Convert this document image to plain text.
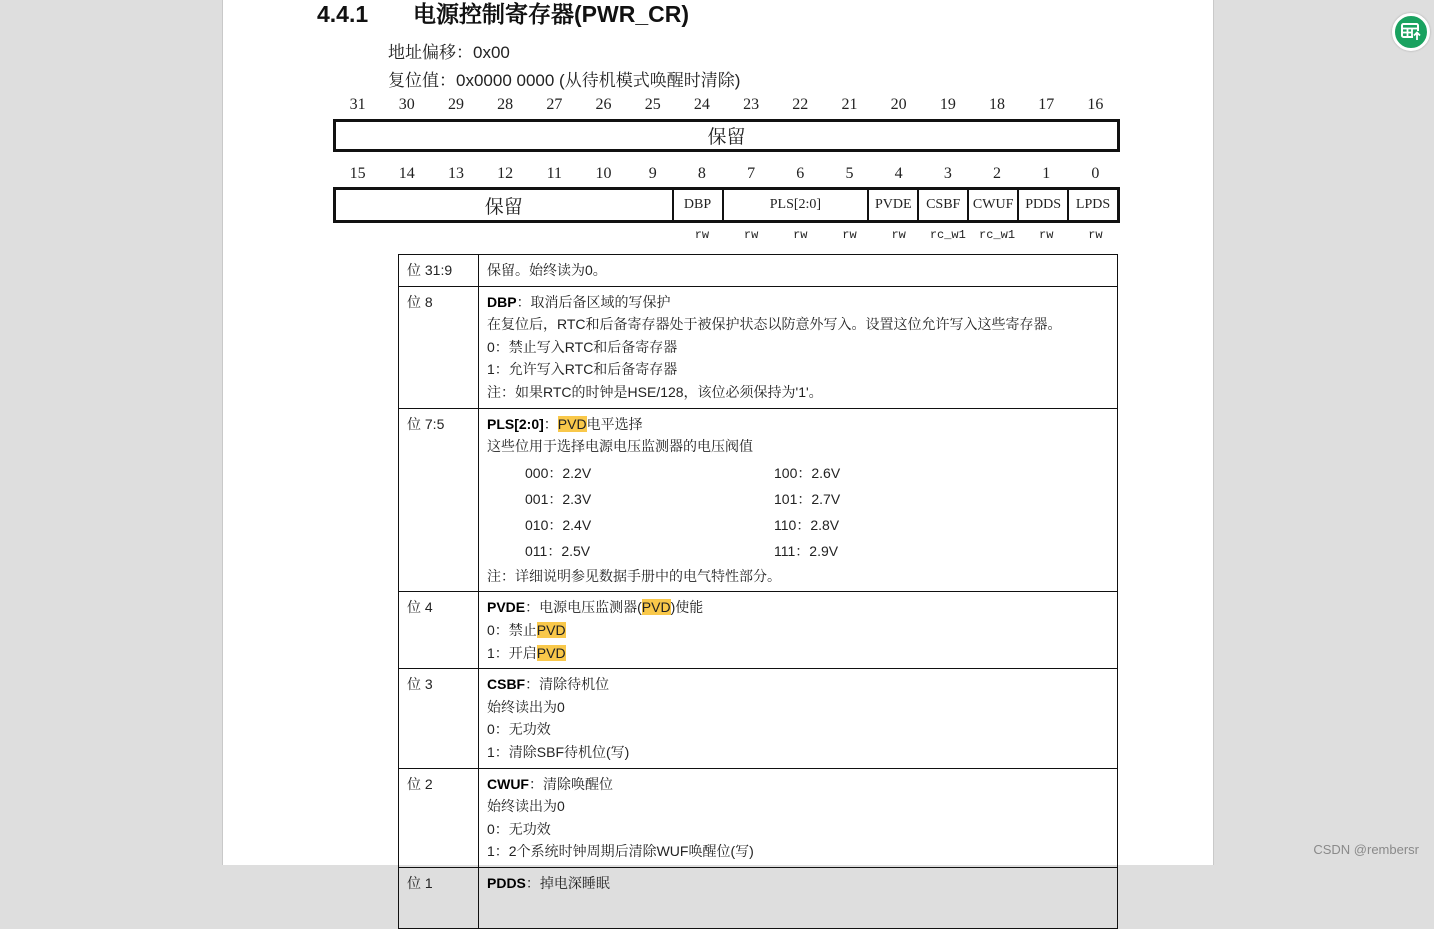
4.4.1 电源控制寄存器(PWR_CR)
地址偏移：0x00
复位值：0x0000 0000 (从待机模式唤醒时清除)
31	30	29	28	27	26	25	24	23	22	21	20	19	18	17	16
保留
15	14	13	12	11	10	9	8	7	6	5	4	3	2	1	0
保留	DBP	PLS[2:0]	PVDE	CSBF CWUF PDDS	LPDS
rw	rw	rw	rw	rw	rc_w1	rc_w1	rw	rw
位 31:9	保留。始终读为0。
位 8	DBP：取消后备区域的写保护
在复位后，RTC和后备寄存器处于被保护状态以防意外写入。设置这位允许写入这些寄存器。
0：禁止写入RTC和后备寄存器
1：允许写入RTC和后备寄存器
注：如果RTC的时钟是HSE/128，该位必须保持为'1'。

位 7:5	PLS[2:0]：PVD电平选择
这些位用于选择电源电压监测器的电压阀值
000：2.2V	100：2.6V
001：2.3V	101：2.7V
010：2.4V	110：2.8V
011：2.5V	111：2.9V
注：详细说明参见数据手册中的电气特性部分。

位 4	PVDE：电源电压监测器(PVD)使能
0：禁止PVD
1：开启PVD

位 3	CSBF：清除待机位
始终读出为0
0：无功效
1：清除SBF待机位(写)

位 2	CWUF：清除唤醒位
始终读出为0
0：无功效
1：2个系统时钟周期后清除WUF唤醒位(写)

位 1	PDDS：掉电深睡眠
CSDN @rembersr
